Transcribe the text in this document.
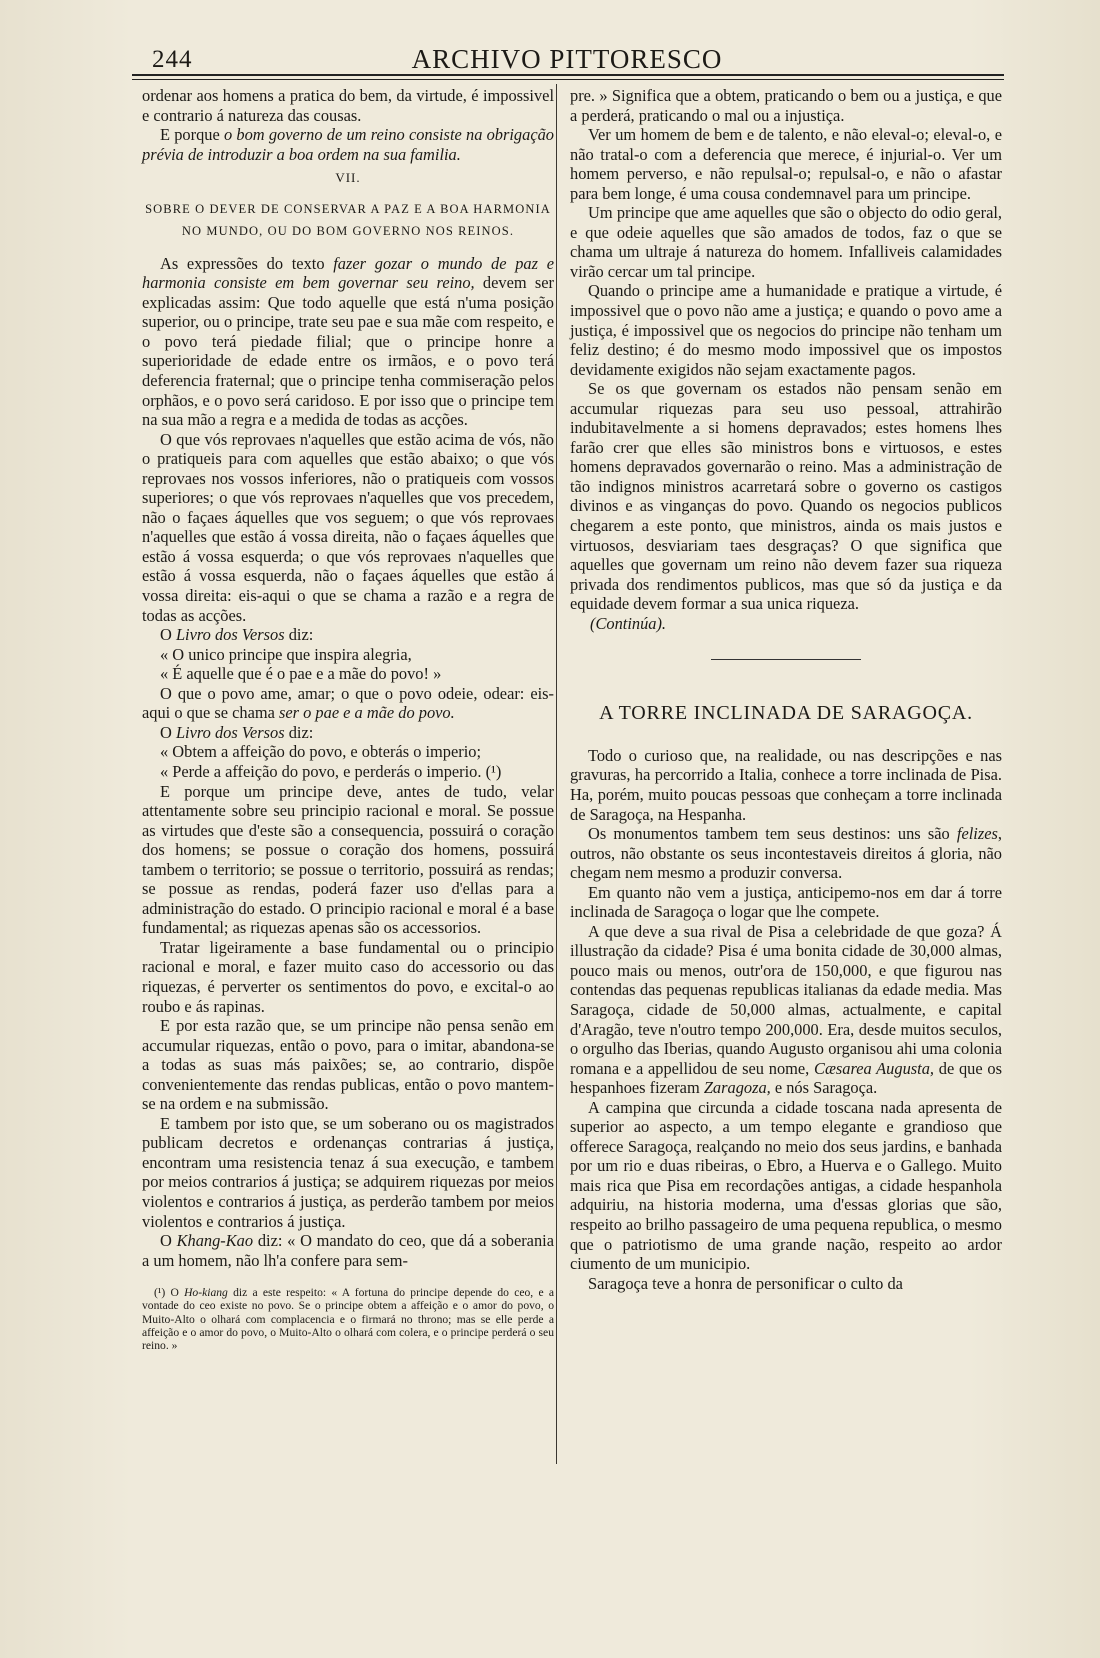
244	ARCHIVO PITTORESCO

ordenar aos homens a pratica do bem, da virtude, é impossivel e contrario á natureza das cousas.

E porque o bom governo de um reino consiste na obrigação prévia de introduzir a boa ordem na sua familia.

VII.

SOBRE O DEVER DE CONSERVAR A PAZ E A BOA HARMONIA NO MUNDO, OU DO BOM GOVERNO NOS REINOS.

As expressões do texto fazer gozar o mundo de paz e harmonia consiste em bem governar seu reino, devem ser explicadas assim: Que todo aquelle que está n'uma posição superior, ou o principe, trate seu pae e sua mãe com respeito, e o povo terá piedade filial; que o principe honre a superioridade de edade entre os irmãos, e o povo terá deferencia fraternal; que o principe tenha commiseração pelos orphãos, e o povo será caridoso. E por isso que o principe tem na sua mão a regra e a medida de todas as acções.

O que vós reprovaes n'aquelles que estão acima de vós, não o pratiqueis para com aquelles que estão abaixo; o que vós reprovaes nos vossos inferiores, não o pratiqueis com vossos superiores; o que vós reprovaes n'aquelles que vos precedem, não o façaes áquelles que vos seguem; o que vós reprovaes n'aquelles que estão á vossa direita, não o façaes áquelles que estão á vossa esquerda; o que vós reprovaes n'aquelles que estão á vossa esquerda, não o façaes áquelles que estão á vossa direita: eis-aqui o que se chama a razão e a regra de todas as acções.

O Livro dos Versos diz:

« O unico principe que inspira alegria,

« É aquelle que é o pae e a mãe do povo! »

O que o povo ame, amar; o que o povo odeie, odear: eis-aqui o que se chama ser o pae e a mãe do povo.

O Livro dos Versos diz:

« Obtem a affeição do povo, e obterás o imperio;

« Perde a affeição do povo, e perderás o imperio. (¹)

E porque um principe deve, antes de tudo, velar attentamente sobre seu principio racional e moral. Se possue as virtudes que d'este são a consequencia, possuirá o coração dos homens; se possue o coração dos homens, possuirá tambem o territorio; se possue o territorio, possuirá as rendas; se possue as rendas, poderá fazer uso d'ellas para a administração do estado. O principio racional e moral é a base fundamental; as riquezas apenas são os accessorios.

Tratar ligeiramente a base fundamental ou o principio racional e moral, e fazer muito caso do accessorio ou das riquezas, é perverter os sentimentos do povo, e excital-o ao roubo e ás rapinas.

E por esta razão que, se um principe não pensa senão em accumular riquezas, então o povo, para o imitar, abandona-se a todas as suas más paixões; se, ao contrario, dispõe convenientemente das rendas publicas, então o povo mantem-se na ordem e na submissão.

E tambem por isto que, se um soberano ou os magistrados publicam decretos e ordenanças contrarias á justiça, encontram uma resistencia tenaz á sua execução, e tambem por meios contrarios á justiça; se adquirem riquezas por meios violentos e contrarios á justiça, as perderão tambem por meios violentos e contrarios á justiça.

O Khang-Kao diz: « O mandato do ceo, que dá a soberania a um homem, não lh'a confere para sem-

(¹) O Ho-kiang diz a este respeito: « A fortuna do principe depende do ceo, e a vontade do ceo existe no povo. Se o principe obtem a affeição e o amor do povo, o Muito-Alto o olhará com complacencia e o firmará no throno; mas se elle perde a affeição e o amor do povo, o Muito-Alto o olhará com colera, e o principe perderá o seu reino. »

pre. » Significa que a obtem, praticando o bem ou a justiça, e que a perderá, praticando o mal ou a injustiça.

Ver um homem de bem e de talento, e não eleval-o; eleval-o, e não tratal-o com a deferencia que merece, é injurial-o. Ver um homem perverso, e não repulsal-o; repulsal-o, e não o afastar para bem longe, é uma cousa condemnavel para um principe.

Um principe que ame aquelles que são o objecto do odio geral, e que odeie aquelles que são amados de todos, faz o que se chama um ultraje á natureza do homem. Infalliveis calamidades virão cercar um tal principe.

Quando o principe ame a humanidade e pratique a virtude, é impossivel que o povo não ame a justiça; e quando o povo ame a justiça, é impossivel que os negocios do principe não tenham um feliz destino; é do mesmo modo impossivel que os impostos devidamente exigidos não sejam exactamente pagos.

Se os que governam os estados não pensam senão em accumular riquezas para seu uso pessoal, attrahirão indubitavelmente a si homens depravados; estes homens lhes farão crer que elles são ministros bons e virtuosos, e estes homens depravados governarão o reino. Mas a administração de tão indignos ministros acarretará sobre o governo os castigos divinos e as vinganças do povo. Quando os negocios publicos chegarem a este ponto, que ministros, ainda os mais justos e virtuosos, desviariam taes desgraças? O que significa que aquelles que governam um reino não devem fazer sua riqueza privada dos rendimentos publicos, mas que só da justiça e da equidade devem formar a sua unica riqueza.

(Continúa).

A TORRE INCLINADA DE SARAGOÇA.

Todo o curioso que, na realidade, ou nas descripções e nas gravuras, ha percorrido a Italia, conhece a torre inclinada de Pisa. Ha, porém, muito poucas pessoas que conheçam a torre inclinada de Saragoça, na Hespanha.

Os monumentos tambem tem seus destinos: uns são felizes, outros, não obstante os seus incontestaveis direitos á gloria, não chegam nem mesmo a produzir conversa.

Em quanto não vem a justiça, anticipemo-nos em dar á torre inclinada de Saragoça o logar que lhe compete.

A que deve a sua rival de Pisa a celebridade de que goza? Á illustração da cidade? Pisa é uma bonita cidade de 30,000 almas, pouco mais ou menos, outr'ora de 150,000, e que figurou nas contendas das pequenas republicas italianas da edade media. Mas Saragoça, cidade de 50,000 almas, actualmente, e capital d'Aragão, teve n'outro tempo 200,000. Era, desde muitos seculos, o orgulho das Iberias, quando Augusto organisou ahi uma colonia romana e a appellidou de seu nome, Cæsarea Augusta, de que os hespanhoes fizeram Zaragoza, e nós Saragoça.

A campina que circunda a cidade toscana nada apresenta de superior ao aspecto, a um tempo elegante e grandioso que offerece Saragoça, realçando no meio dos seus jardins, e banhada por um rio e duas ribeiras, o Ebro, a Huerva e o Gallego. Muito mais rica que Pisa em recordações antigas, a cidade hespanhola adquiriu, na historia moderna, uma d'essas glorias que são, respeito ao brilho passageiro de uma pequena republica, o mesmo que o patriotismo de uma grande nação, respeito ao ardor ciumento de um municipio.

Saragoça teve a honra de personificar o culto da
